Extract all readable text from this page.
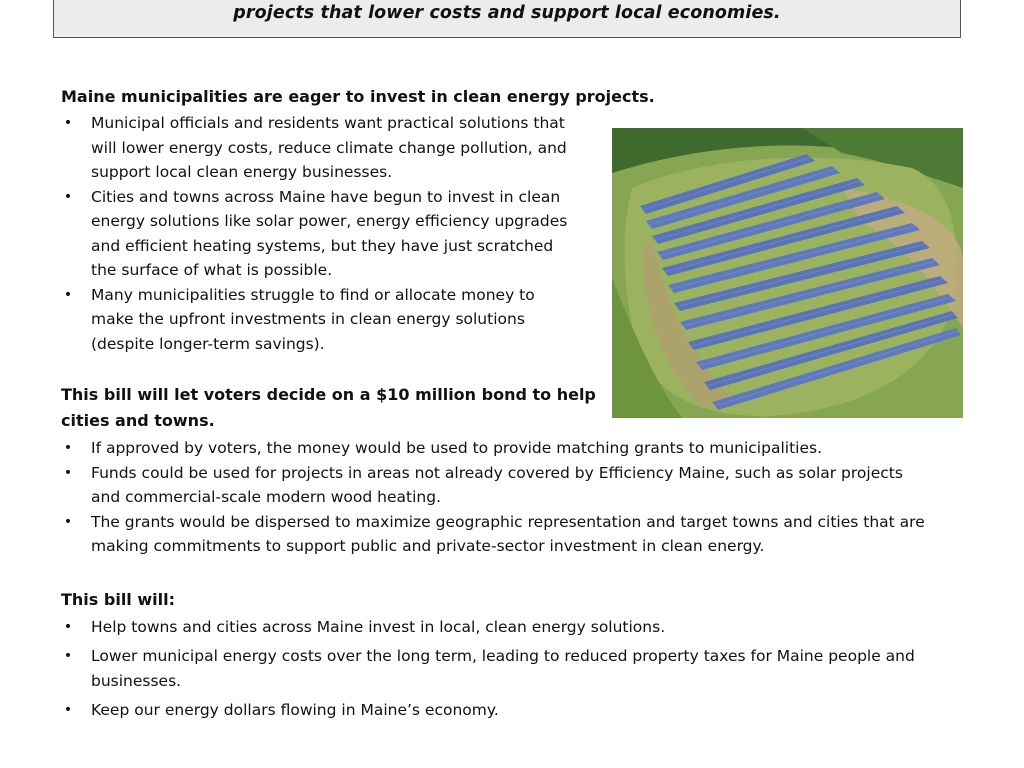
projects that lower costs and support local economies.
Maine municipalities are eager to invest in clean energy projects.
• Municipal officials and residents want practical solutions that
will lower energy costs, reduce climate change pollution, and
support local clean energy businesses.
• Cities and towns across Maine have begun to invest in clean
energy solutions like solar power, energy efficiency upgrades
and efficient heating systems, but they have just scratched
the surface of what is possible.
• Many municipalities struggle to find or allocate money to
make the upfront investments in clean energy solutions
(despite longer-term savings).
This bill will let voters decide on a $10 million bond to help
cities and towns.
• If approved by voters, the money would be used to provide matching grants to municipalities.
• Funds could be used for projects in areas not already covered by Efficiency Maine, such as solar projects
and commercial-scale modern wood heating.
• The grants would be dispersed to maximize geographic representation and target towns and cities that are
making commitments to support public and private-sector investment in clean energy.
This bill will:
• Help towns and cities across Maine invest in local, clean energy solutions.
• Lower municipal energy costs over the long term, leading to reduced property taxes for Maine people and
businesses.
• Keep our energy dollars flowing in Maine’s economy.
